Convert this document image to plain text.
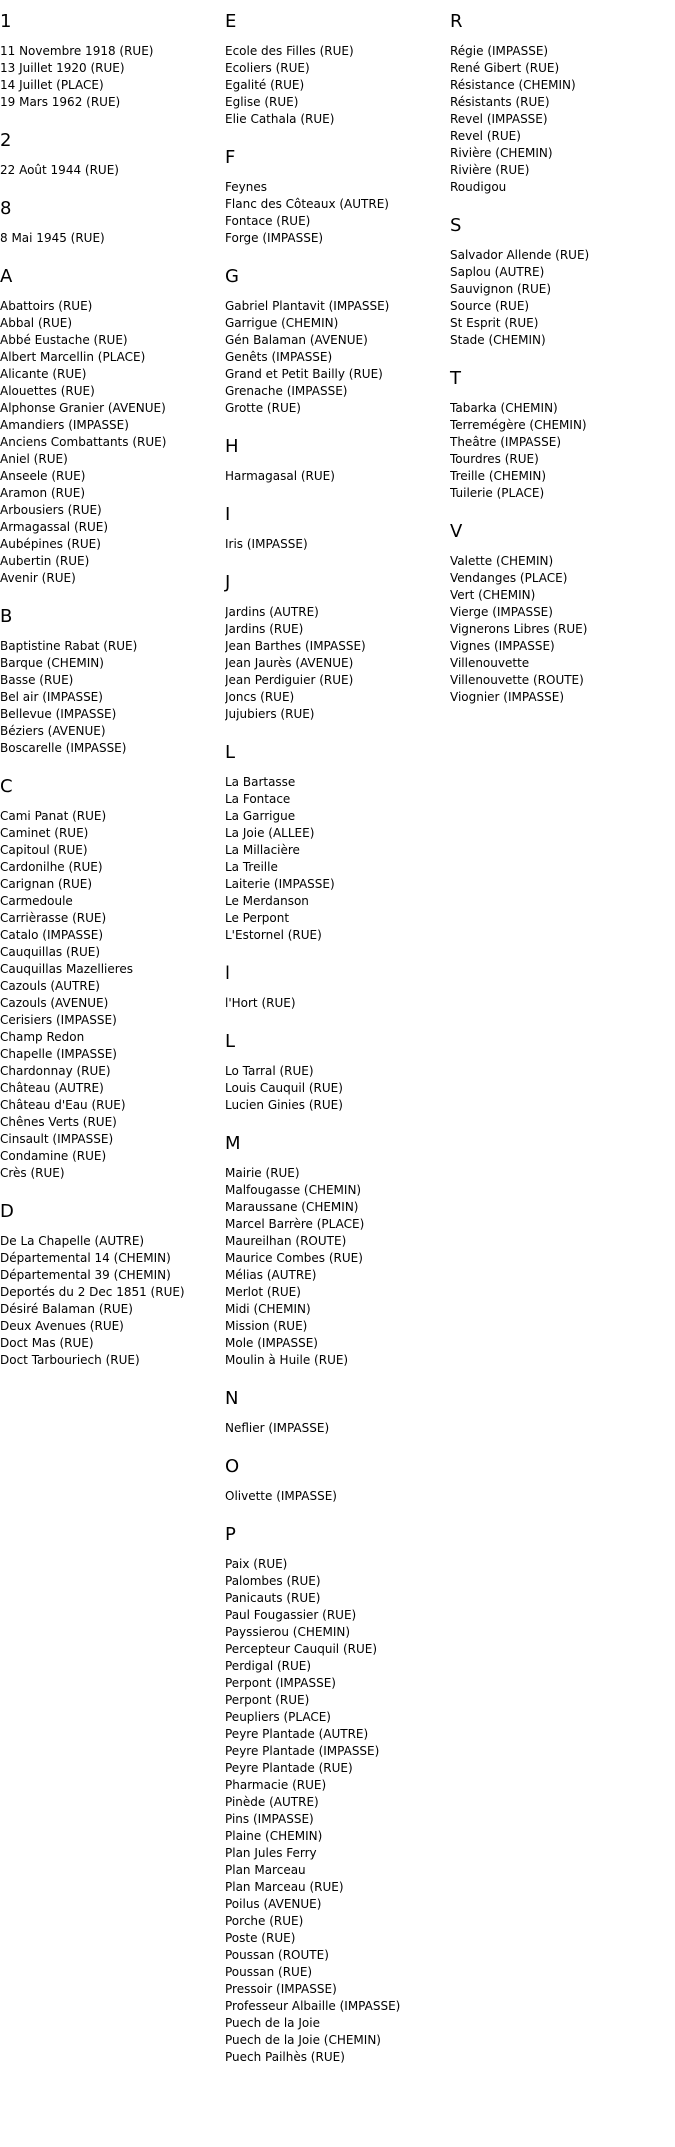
1
11 Novembre 1918 (RUE)
13 Juillet 1920 (RUE)
14 Juillet (PLACE)
19 Mars 1962 (RUE)
2
22 Août 1944 (RUE)
8
8 Mai 1945 (RUE)
A
Abattoirs (RUE)
Abbal (RUE)
Abbé Eustache (RUE)
Albert Marcellin (PLACE)
Alicante (RUE)
Alouettes (RUE)
Alphonse Granier (AVENUE)
Amandiers (IMPASSE)
Anciens Combattants (RUE)
Aniel (RUE)
Anseele (RUE)
Aramon (RUE)
Arbousiers (RUE)
Armagassal (RUE)
Aubépines (RUE)
Aubertin (RUE)
Avenir (RUE)
B
Baptistine Rabat (RUE)
Barque (CHEMIN)
Basse (RUE)
Bel air (IMPASSE)
Bellevue (IMPASSE)
Béziers (AVENUE)
Boscarelle (IMPASSE)
C
Cami Panat (RUE)
Caminet (RUE)
Capitoul (RUE)
Cardonilhe (RUE)
Carignan (RUE)
Carmedoule
Carrièrasse (RUE)
Catalo (IMPASSE)
Cauquillas (RUE)
Cauquillas Mazellieres
Cazouls (AUTRE)
Cazouls (AVENUE)
Cerisiers (IMPASSE)
Champ Redon
Chapelle (IMPASSE)
Chardonnay (RUE)
Château (AUTRE)
Château d'Eau (RUE)
Chênes Verts (RUE)
Cinsault (IMPASSE)
Condamine (RUE)
Crès (RUE)
D
De La Chapelle (AUTRE)
Départemental 14 (CHEMIN)
Départemental 39 (CHEMIN)
Deportés du 2 Dec 1851 (RUE)
Désiré Balaman (RUE)
Deux Avenues (RUE)
Doct Mas (RUE)
Doct Tarbouriech (RUE)
E
Ecole des Filles (RUE)
Ecoliers (RUE)
Egalité (RUE)
Eglise (RUE)
Elie Cathala (RUE)
F
Feynes
Flanc des Côteaux (AUTRE)
Fontace (RUE)
Forge (IMPASSE)
G
Gabriel Plantavit (IMPASSE)
Garrigue (CHEMIN)
Gén Balaman (AVENUE)
Genêts (IMPASSE)
Grand et Petit Bailly (RUE)
Grenache (IMPASSE)
Grotte (RUE)
H
Harmagasal (RUE)
I
Iris (IMPASSE)
J
Jardins (AUTRE)
Jardins (RUE)
Jean Barthes (IMPASSE)
Jean Jaurès (AVENUE)
Jean Perdiguier (RUE)
Joncs (RUE)
Jujubiers (RUE)
L
La Bartasse
La Fontace
La Garrigue
La Joie (ALLEE)
La Millacière
La Treille
Laiterie (IMPASSE)
Le Merdanson
Le Perpont
L'Estornel (RUE)
l
l'Hort (RUE)
L
Lo Tarral (RUE)
Louis Cauquil (RUE)
Lucien Ginies (RUE)
M
Mairie (RUE)
Malfougasse (CHEMIN)
Maraussane (CHEMIN)
Marcel Barrère (PLACE)
Maureilhan (ROUTE)
Maurice Combes (RUE)
Mélias (AUTRE)
Merlot (RUE)
Midi (CHEMIN)
Mission (RUE)
Mole (IMPASSE)
Moulin à Huile (RUE)
N
Neflier (IMPASSE)
O
Olivette (IMPASSE)
P
Paix (RUE)
Palombes (RUE)
Panicauts (RUE)
Paul Fougassier (RUE)
Payssierou (CHEMIN)
Percepteur Cauquil (RUE)
Perdigal (RUE)
Perpont (IMPASSE)
Perpont (RUE)
Peupliers (PLACE)
Peyre Plantade (AUTRE)
Peyre Plantade (IMPASSE)
Peyre Plantade (RUE)
Pharmacie (RUE)
Pinède (AUTRE)
Pins (IMPASSE)
Plaine (CHEMIN)
Plan Jules Ferry
Plan Marceau
Plan Marceau (RUE)
Poilus (AVENUE)
Porche (RUE)
Poste (RUE)
Poussan (ROUTE)
Poussan (RUE)
Pressoir (IMPASSE)
Professeur Albaille (IMPASSE)
Puech de la Joie
Puech de la Joie (CHEMIN)
Puech Pailhès (RUE)
R
Régie (IMPASSE)
René Gibert (RUE)
Résistance (CHEMIN)
Résistants (RUE)
Revel (IMPASSE)
Revel (RUE)
Rivière (CHEMIN)
Rivière (RUE)
Roudigou
S
Salvador Allende (RUE)
Saplou (AUTRE)
Sauvignon (RUE)
Source (RUE)
St Esprit (RUE)
Stade (CHEMIN)
T
Tabarka (CHEMIN)
Terremégère (CHEMIN)
Theâtre (IMPASSE)
Tourdres (RUE)
Treille (CHEMIN)
Tuilerie (PLACE)
V
Valette (CHEMIN)
Vendanges (PLACE)
Vert (CHEMIN)
Vierge (IMPASSE)
Vignerons Libres (RUE)
Vignes (IMPASSE)
Villenouvette
Villenouvette (ROUTE)
Viognier (IMPASSE)
